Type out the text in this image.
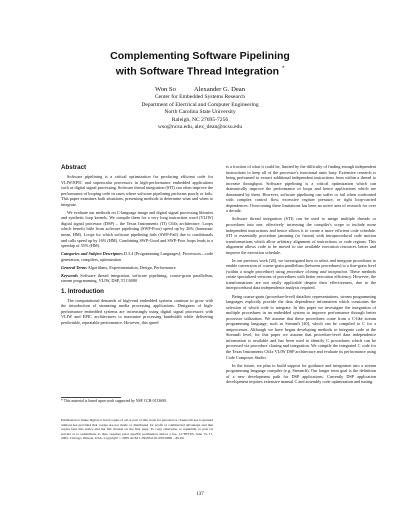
Complementing Software Pipelining
with Software Thread Integration *
Won So	Alexander G. Dean
Center for Embedded Systems Research
Department of Electrical and Computer Engineering
North Carolina State University
Raleigh, NC 27695-7256
wso@ncsu.edu, alex_dean@ncsu.edu
Abstract

Software pipelining is a critical optimization for producing efficient code for VLIW/EPIC and superscalar processors in high-performance embedded applications such as digital signal processing. Software thread integration (STI) can often improve the performance of looping code in cases where software pipelining performs poorly or fails. This paper examines both situations, presenting methods to determine what and when to integrate.

We evaluate our methods on C-language image and digital signal processing libraries and synthetic loop kernels. We compile them for a very long instruction word (VLIW) digital signal processor (DSP) – the Texas Instruments (TI) C64x architecture. Loops which benefit little from software pipelining (SWP-Poor) speed up by 26% (harmonic mean, HM). Loops for which software pipelining fails (SWP-Fail) due to conditionals and calls speed up by 16% (HM). Combining SWP-Good and SWP-Poor loops leads to a speedup of 55% (HM).

Categories and Subject Descriptors D.3.4 [Programming Languages]: Processors—code generation, compilers, optimization

General Terms Algorithms, Experimentation, Design, Performance

Keywords Software thread integration, software pipelining, coarse-grain parallelism, stream programming, VLIW, DSP, TI C6000

1. Introduction

The computational demands of high-end embedded systems continue to grow with the introduction of streaming media processing applications. Designers of high-performance embedded systems are increasingly using digital signal processors with VLIW and EPIC architectures to maximize processing bandwidth while delivering predictable, repeatable performance. However, this speed

* This material is based upon work supported by NSF CCR-0133690.
Permission to make digital or hard copies of all or part of this work for personal or classroom use is granted without fee provided that copies are not made or distributed for profit or commercial advantage and that copies bear this notice and the full citation on the first page. To copy otherwise, to republish, to post on servers or to redistribute to lists, requires prior specific permission and/or a fee. LCTES'05, June 15–17, 2005, Chicago, Illinois, USA. Copyright © 2005 ACM 1-59593-018-3/05/0006 ...$5.00.

is a fraction of what it could be, limited by the difficulty of finding enough independent instructions to keep all of the processor's functional units busy. Extensive research is being performed to extract additional independent instructions from within a thread to increase throughput. Software pipelining is a critical optimization which can dramatically improve the performance of loops and hence applications which are dominated by them. However, software pipelining can suffer or fail when confronted with complex control flow, excessive register pressure, or tight loop-carried dependences. Overcoming these limitations has been an active area of research for over a decade.

Software thread integration (STI) can be used to merge multiple threads or procedures into one, effectively increasing the compiler's scope to include more independent instructions and hence allows it to create a more efficient code schedule. STI is essentially procedure jamming (or fusion) with intraprocedural code motion transformations which allow arbitrary alignment of instructions or code regions. This alignment allows code to be moved to use available execution resources better and improve the execution schedule.

In our previous work [26], we investigated how to select and integrate procedures to enable conversion of coarse-grain parallelism (between procedures) to a fine-grain level (within a single procedure) using procedure cloning and integration. These methods create specialized versions of procedures with better execution efficiency. However, the transformations are not easily applicable despite their effectiveness, due to the interprocedural data independence analysis required.

Being coarse-grain (procedure-level) dataflow representations, stream programming languages explicitly provide the data dependence information which constrains the selection of which code to integrate. In this paper we investigate the integration of multiple procedures in an embedded system to improve performance through better processor utilization. We assume that these procedures come from a C-like stream programming language, such as StreamIt [40], which can be compiled to C for a uniprocessor. Although we have begun developing methods to integrate code at the StreamIt level, for this paper we assume that procedure-level data independence information is available and has been used to identify C procedures which can be processed via procedure cloning and integration. We compile the integrated C code for the Texas Instruments C64x VLIW DSP architecture and evaluate its performance using Code Composer Studio.

In the future, we plan to build support for guidance and integration into a stream programming language compiler (e.g. StreamIt). Our longer term goal is the definition of a new development path for DSP applications. Currently DSP application development requires extensive manual C and assembly code optimization and tuning.

137
